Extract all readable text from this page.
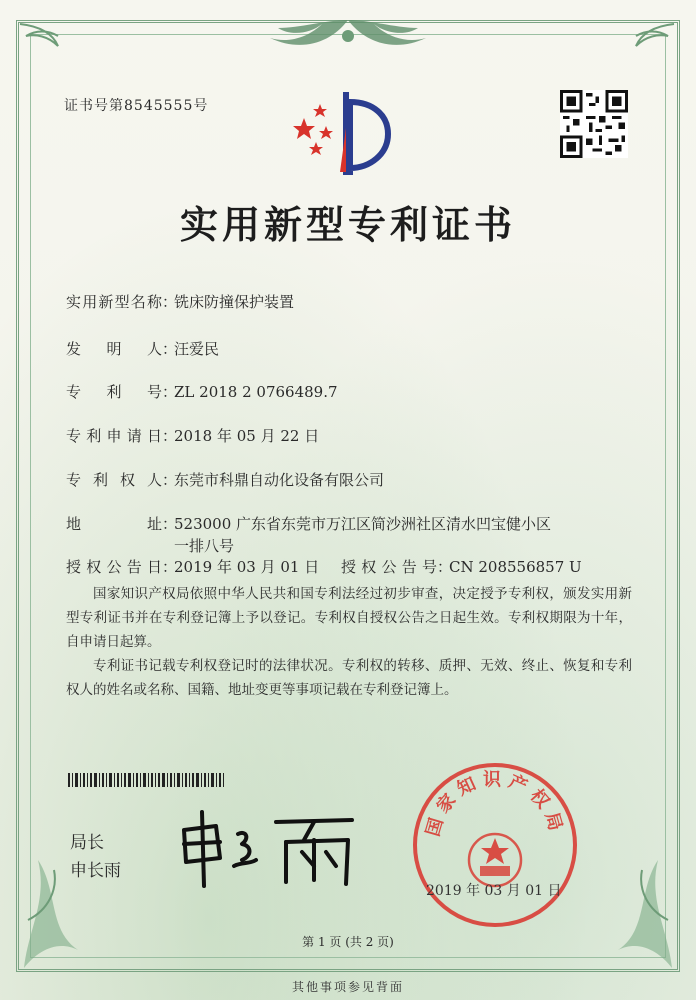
证书号第8545555号
实用新型专利证书
实用新型名称：铣床防撞保护装置
发明人：汪爱民
专利号：ZL 2018 2 0766489.7
专利申请日：2018 年 05 月 22 日
专利权人：东莞市科鼎自动化设备有限公司
地址：523000 广东省东莞市万江区简沙洲社区清水凹宝健小区
一排八号
授权公告日：2019 年 03 月 01 日 授权公告号：CN 208556857 U
国家知识产权局依照中华人民共和国专利法经过初步审查，决定授予专利权，颁发实用新型专利证书并在专利登记簿上予以登记。专利权自授权公告之日起生效。专利权期限为十年，自申请日起算。
专利证书记载专利权登记时的法律状况。专利权的转移、质押、无效、终止、恢复和专利权人的姓名或名称、国籍、地址变更等事项记载在专利登记簿上。
局长
申长雨
国家知识产权局
2019 年 03 月 01 日
第 1 页 (共 2 页)
其他事项参见背面
